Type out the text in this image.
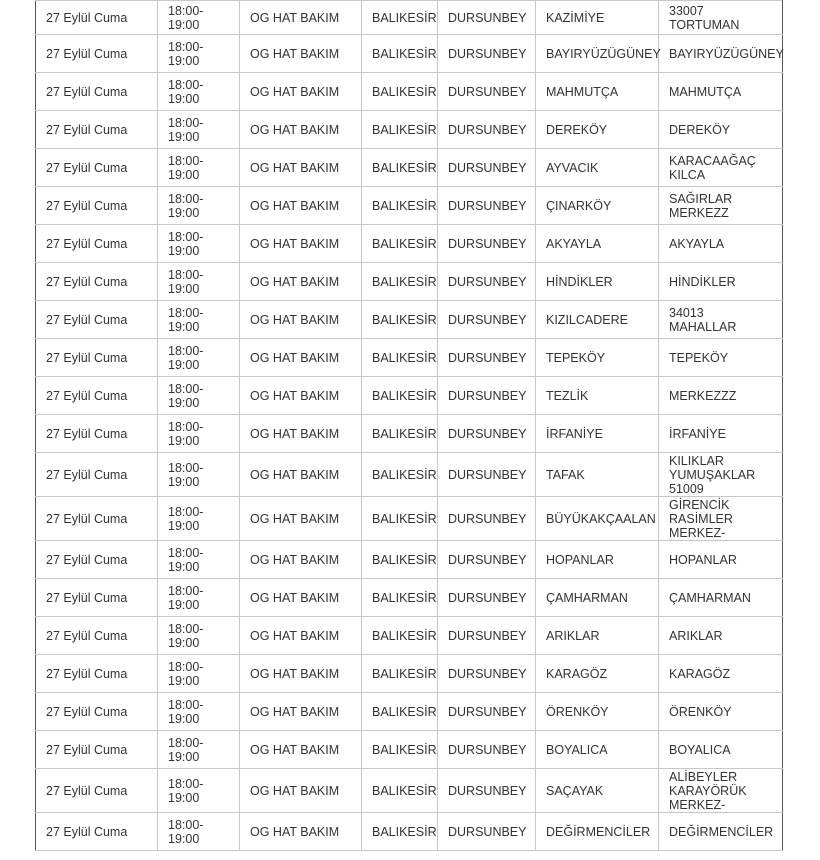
27 Eylül Cuma	18:00-19:00	OG HAT BAKIM	BALIKESİR	DURSUNBEY	KAZİMİYE	33007
TORTUMAN

27 Eylül Cuma	18:00-19:00	OG HAT BAKIM	BALIKESİR	DURSUNBEY	BAYIRYÜZÜGÜNEY	BAYIRYÜZÜGÜNEY

27 Eylül Cuma	18:00-19:00	OG HAT BAKIM	BALIKESİR	DURSUNBEY	MAHMUTÇA	MAHMUTÇA

27 Eylül Cuma	18:00-19:00	OG HAT BAKIM	BALIKESİR	DURSUNBEY	DEREKÖY	DEREKÖY

27 Eylül Cuma	18:00-19:00	OG HAT BAKIM	BALIKESİR	DURSUNBEY	AYVACIK	KARACAAĞAÇ
KILCA

27 Eylül Cuma	18:00-19:00	OG HAT BAKIM	BALIKESİR	DURSUNBEY	ÇINARKÖY	SAĞIRLAR
MERKEZZ

27 Eylül Cuma	18:00-19:00	OG HAT BAKIM	BALIKESİR	DURSUNBEY	AKYAYLA	AKYAYLA

27 Eylül Cuma	18:00-19:00	OG HAT BAKIM	BALIKESİR	DURSUNBEY	HİNDİKLER	HİNDİKLER

27 Eylül Cuma	18:00-19:00	OG HAT BAKIM	BALIKESİR	DURSUNBEY	KIZILCADERE	34013
MAHALLAR

27 Eylül Cuma	18:00-19:00	OG HAT BAKIM	BALIKESİR	DURSUNBEY	TEPEKÖY	TEPEKÖY

27 Eylül Cuma	18:00-19:00	OG HAT BAKIM	BALIKESİR	DURSUNBEY	TEZLİK	MERKEZZZ

27 Eylül Cuma	18:00-19:00	OG HAT BAKIM	BALIKESİR	DURSUNBEY	İRFANİYE	İRFANİYE

27 Eylül Cuma	18:00-19:00	OG HAT BAKIM	BALIKESİR	DURSUNBEY	TAFAK	KILIKLAR
YUMUŞAKLAR
51009

27 Eylül Cuma	18:00-19:00	OG HAT BAKIM	BALIKESİR	DURSUNBEY	BÜYÜKAKÇAALAN	GİRENCİK
RASİMLER
MERKEZ-

27 Eylül Cuma	18:00-19:00	OG HAT BAKIM	BALIKESİR	DURSUNBEY	HOPANLAR	HOPANLAR

27 Eylül Cuma	18:00-19:00	OG HAT BAKIM	BALIKESİR	DURSUNBEY	ÇAMHARMAN	ÇAMHARMAN

27 Eylül Cuma	18:00-19:00	OG HAT BAKIM	BALIKESİR	DURSUNBEY	ARIKLAR	ARIKLAR

27 Eylül Cuma	18:00-19:00	OG HAT BAKIM	BALIKESİR	DURSUNBEY	KARAGÖZ	KARAGÖZ

27 Eylül Cuma	18:00-19:00	OG HAT BAKIM	BALIKESİR	DURSUNBEY	ÖRENKÖY	ÖRENKÖY

27 Eylül Cuma	18:00-19:00	OG HAT BAKIM	BALIKESİR	DURSUNBEY	BOYALICA	BOYALICA

27 Eylül Cuma	18:00-19:00	OG HAT BAKIM	BALIKESİR	DURSUNBEY	SAÇAYAK	ALİBEYLER
KARAYÖRÜK
MERKEZ-

27 Eylül Cuma	18:00-19:00	OG HAT BAKIM	BALIKESİR	DURSUNBEY	DEĞİRMENCİLER	DEĞİRMENCİLER
